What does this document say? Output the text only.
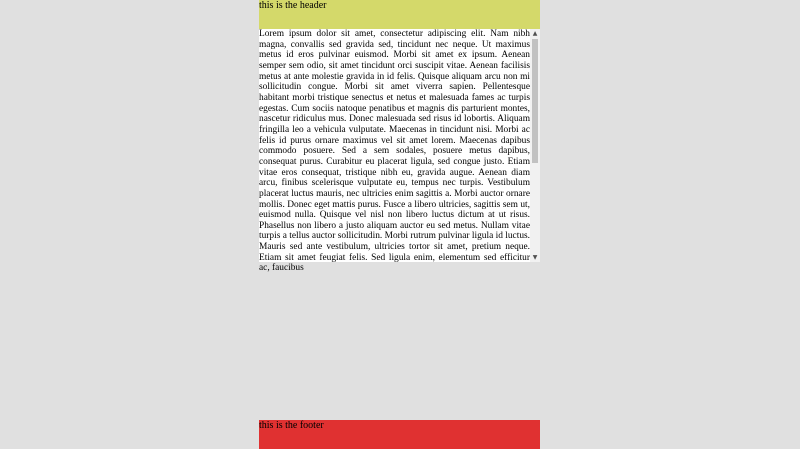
this is the header

Lorem ipsum dolor sit amet, consectetur adipiscing elit. Nam nibh magna, convallis sed gravida sed, tincidunt nec neque. Ut maximus metus id eros pulvinar euismod. Morbi sit amet ex ipsum. Aenean semper sem odio, sit amet tincidunt orci suscipit vitae. Aenean facilisis metus at ante molestie gravida in id felis. Quisque aliquam arcu non mi sollicitudin congue. Morbi sit amet viverra sapien. Pellentesque habitant morbi tristique senectus et netus et malesuada fames ac turpis egestas. Cum sociis natoque penatibus et magnis dis parturient montes, nascetur ridiculus mus. Donec malesuada sed risus id lobortis. Aliquam fringilla leo a vehicula vulputate. Maecenas in tincidunt nisi. Morbi ac felis id purus ornare maximus vel sit amet lorem. Maecenas dapibus commodo posuere. Sed a sem sodales, posuere metus dapibus, consequat purus. Curabitur eu placerat ligula, sed congue justo. Etiam vitae eros consequat, tristique nibh eu, gravida augue. Aenean diam arcu, finibus scelerisque vulputate eu, tempus nec turpis. Vestibulum placerat luctus mauris, nec ultricies enim sagittis a. Morbi auctor ornare mollis. Donec eget mattis purus. Fusce a libero ultricies, sagittis sem ut, euismod nulla. Quisque vel nisl non libero luctus dictum at ut risus. Phasellus non libero a justo aliquam auctor eu sed metus. Nullam vitae turpis a tellus auctor sollicitudin. Morbi rutrum pulvinar ligula id luctus. Mauris sed ante vestibulum, ultricies tortor sit amet, pretium neque. Etiam sit amet feugiat felis. Sed ligula enim, elementum sed efficitur ac, faucibus

▲
▼
this is the footer
